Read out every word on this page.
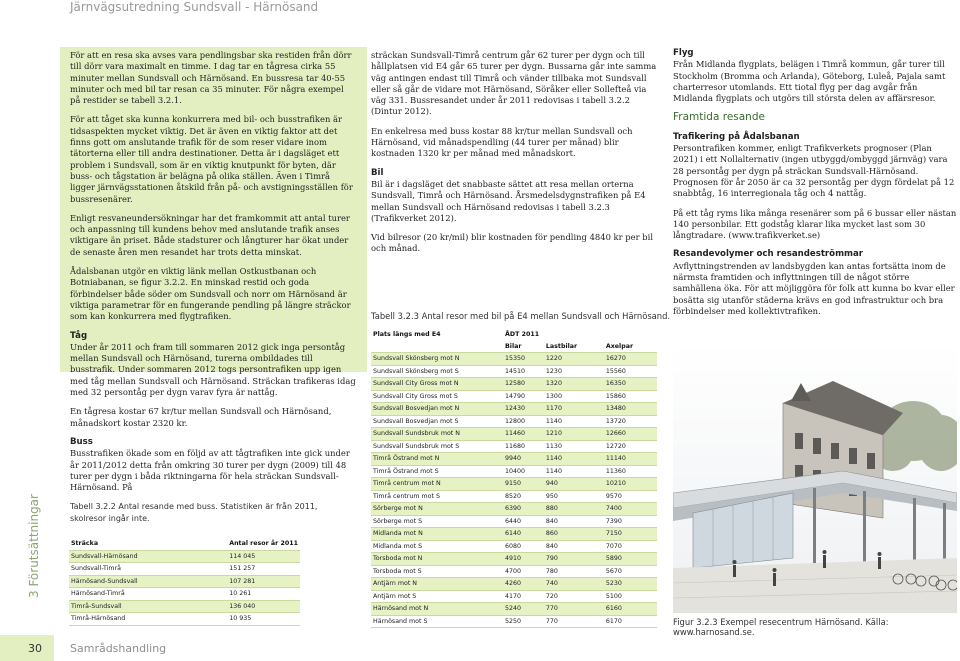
Järnvägsutredning Sundsvall - Härnösand

För att en resa ska avses vara pendlingsbar ska restiden från dörr till dörr vara maximalt en timme. I dag tar en tågresa cirka 55 minuter mellan Sundsvall och Härnösand. En bussresa tar 40-55 minuter och med bil tar resan ca 35 minuter. För några exempel på restider se tabell 3.2.1.

För att tåget ska kunna konkurrera med bil- och busstrafiken är tidsaspekten mycket viktig. Det är även en viktig faktor att det finns gott om anslutande trafik för de som reser vidare inom tätorterna eller till andra destinationer. Detta är i dagsläget ett problem i Sundsvall, som är en viktig knutpunkt för byten, där buss- och tågstation är belägna på olika ställen. Även i Timrå ligger järnvägsstationen åtskild från på- och avstigningsställen för bussresenärer.

Enligt resvaneundersökningar har det framkommit att antal turer och anpassning till kundens behov med anslutande trafik anses viktigare än priset. Både stadsturer och långturer har ökat under de senaste åren men resandet har trots detta minskat.

Ådalsbanan utgör en viktig länk mellan Ostkustbanan och Botniabanan, se figur 3.2.2. En minskad restid och goda förbindelser både söder om Sundsvall och norr om Härnösand är viktiga parametrar för en fungerande pendling på längre sträckor som kan konkurrera med flygtrafiken.

Tåg

Under år 2011 och fram till sommaren 2012 gick inga persontåg mellan Sundsvall och Härnösand, turerna ombildades till busstrafik. Under sommaren 2012 togs persontrafiken upp igen med tåg mellan Sundsvall och Härnösand. Sträckan trafikeras idag med 32 persontåg per dygn varav fyra är nattåg.

En tågresa kostar 67 kr/tur mellan Sundsvall och Härnösand, månadskort kostar 2320 kr.

Buss

Busstrafiken ökade som en följd av att tågtrafiken inte gick under år 2011/2012 detta från omkring 30 turer per dygn (2009) till 48 turer per dygn i båda riktningarna för hela sträckan Sundsvall-Härnösand. På

Tabell 3.2.2 Antal resande med buss. Statistiken är från 2011, skolresor ingår inte.

Sträcka	Antal resor år 2011
Sundsvall-Härnösand	114 045
Sundsvall-Timrå	151 257
Härnösand-Sundsvall	107 281
Härnösand-Timrå	10 261
Timrå-Sundsvall	136 040
Timrå-Härnösand	10 935

sträckan Sundsvall-Timrå centrum går 62 turer per dygn och till hållplatsen vid E4 går 65 turer per dygn. Bussarna går inte samma väg antingen endast till Timrå och vänder tillbaka mot Sundsvall eller så går de vidare mot Härnösand, Söråker eller Sollefteå via väg 331. Bussresandet under år 2011 redovisas i tabell 3.2.2 (Dintur 2012).

En enkelresa med buss kostar 88 kr/tur mellan Sundsvall och Härnösand, vid månadspendling (44 turer per månad) blir kostnaden 1320 kr per månad med månadskort.

Bil

Bil är i dagsläget det snabbaste sättet att resa mellan orterna Sundsvall, Timrå och Härnösand. Årsmedelsdygnstrafiken på E4 mellan Sundsvall och Härnösand redovisas i tabell 3.2.3 (Trafikverket 2012).

Vid bilresor (20 kr/mil) blir kostnaden för pendling 4840 kr per bil och månad.

Tabell 3.2.3 Antal resor med bil på E4 mellan Sundsvall och Härnösand.
Plats längs med E4	ÅDT 2011		
	Bilar	Lastbilar	Axelpar
Sundsvall Skönsberg mot N	15350	1220	16270
Sundsvall Skönsberg mot S	14510	1230	15560
Sundsvall City Gross mot N	12580	1320	16350
Sundsvall City Gross mot S	14790	1300	15860
Sundsvall Bosvedjan mot N	12430	1170	13480
Sundsvall Bosvedjan mot S	12800	1140	13720
Sundsvall Sundsbruk mot N	11460	1210	12660
Sundsvall Sundsbruk mot S	11680	1130	12720
Timrå Östrand mot N	9940	1140	11140
Timrå Östrand mot S	10400	1140	11360
Timrå centrum mot N	9150	940	10210
Timrå centrum mot S	8520	950	9570
Sörberge mot N	6390	880	7400
Sörberge mot S	6440	840	7390
Midlanda mot N	6140	860	7150
Midlanda mot S	6080	840	7070
Torsboda mot N	4910	790	5890
Torsboda mot S	4700	780	5670
Antjärn mot N	4260	740	5230
Antjärn mot S	4170	720	5100
Härnösand mot N	5240	770	6160
Härnösand mot S	5250	770	6170
Flyg

Från Midlanda flygplats, belägen i Timrå kommun, går turer till Stockholm (Bromma och Arlanda), Göteborg, Luleå, Pajala samt charterresor utomlands. Ett tiotal flyg per dag avgår från Midlanda flygplats och utgörs till största delen av affärsresor.

Framtida resande
Trafikering på Ådalsbanan

Persontrafiken kommer, enligt Trafikverkets prognoser (Plan 2021) i ett Nollalternativ (ingen utbyggd/ombyggd järnväg) vara 28 persontåg per dygn på sträckan Sundsvall-Härnösand.

Prognosen för år 2050 är ca 32 persontåg per dygn fördelat på 12 snabbtåg, 16 interregionala tåg och 4 nattåg.

På ett tåg ryms lika många resenärer som på 6 bussar eller nästan 140 personbilar. Ett godståg klarar lika mycket last som 30 långtradare. (www.trafikverket.se)

Resandevolymer och resandeströmmar

Avflyttningstrenden av landsbygden kan antas fortsätta inom de närmsta framtiden och inflyttningen till de något större samhällena öka. För att möjliggöra för folk att kunna bo kvar eller bosätta sig utanför städerna krävs en god infrastruktur och bra förbindelser med kollektivtrafiken.

Figur 3.2.3 Exempel resecentrum Härnösand. Källa: www.harnosand.se.
3 Förutsättningar
30	Samrådshandling
